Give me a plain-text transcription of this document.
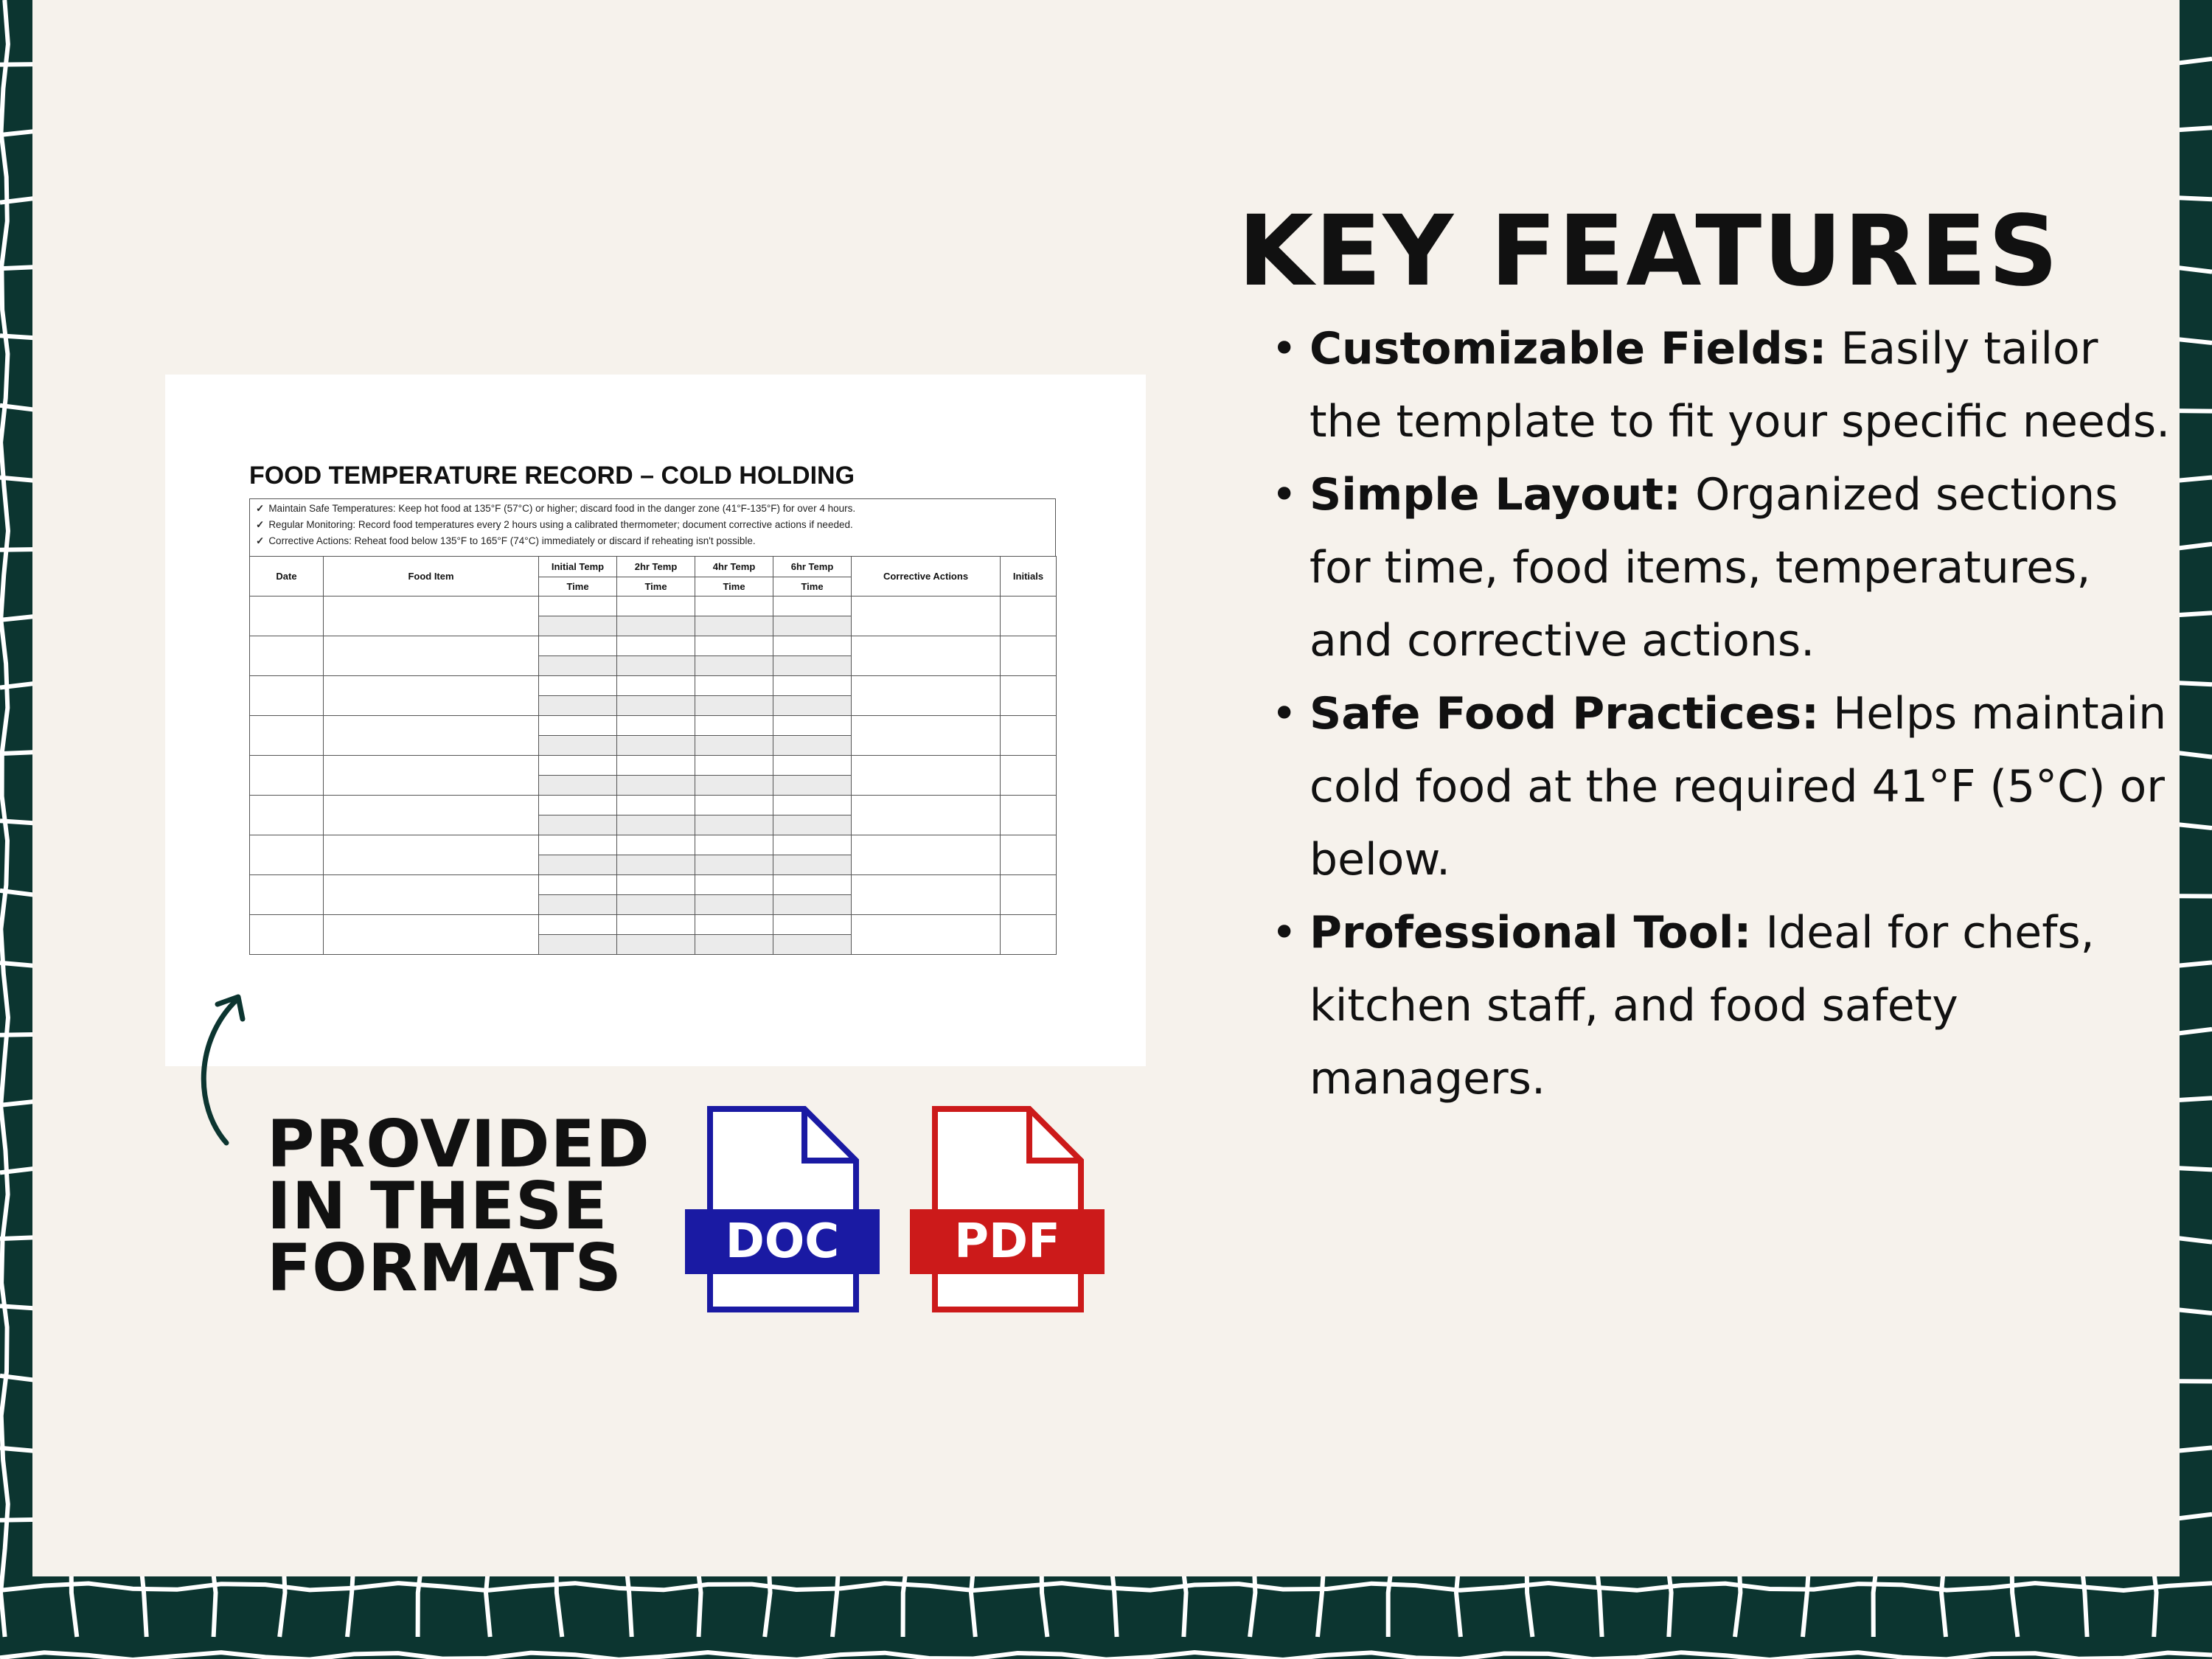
FOOD TEMPERATURE RECORD – COLD HOLDING
✓ Maintain Safe Temperatures: Keep hot food at 135°F (57°C) or higher; discard food in the danger zone (41°F-135°F) for over 4 hours.
✓ Regular Monitoring: Record food temperatures every 2 hours using a calibrated thermometer; document corrective actions if needed.
✓ Corrective Actions: Reheat food below 135°F to 165°F (74°C) immediately or discard if reheating isn't possible.
Date	Food Item	Initial Temp	2hr Temp	4hr Temp	6hr Temp	Corrective Actions	Initials
		Time	Time	Time	Time		

PROVIDED
IN THESE
FORMATS	DOC	PDF
KEY FEATURES
• Customizable Fields: Easily tailor the template to fit your specific needs.
• Simple Layout: Organized sections for time, food items, temperatures, and corrective actions.
• Safe Food Practices: Helps maintain cold food at the required 41°F (5°C) or below.
• Professional Tool: Ideal for chefs, kitchen staff, and food safety managers.
